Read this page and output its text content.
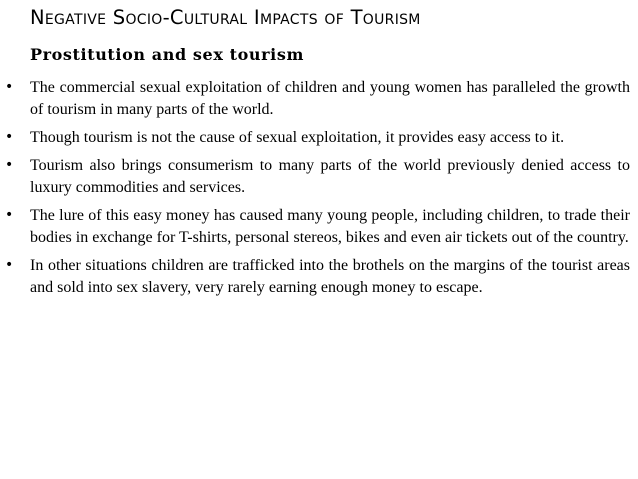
Negative Socio-Cultural Impacts of Tourism
Prostitution and sex tourism
• The commercial sexual exploitation of children and young women has paralleled the growth of tourism in many parts of the world.
• Though tourism is not the cause of sexual exploitation, it provides easy access to it.
• Tourism also brings consumerism to many parts of the world previously denied access to luxury commodities and services.
• The lure of this easy money has caused many young people, including children, to trade their bodies in exchange for T-shirts, personal stereos, bikes and even air tickets out of the country.
• In other situations children are trafficked into the brothels on the margins of the tourist areas and sold into sex slavery, very rarely earning enough money to escape.
